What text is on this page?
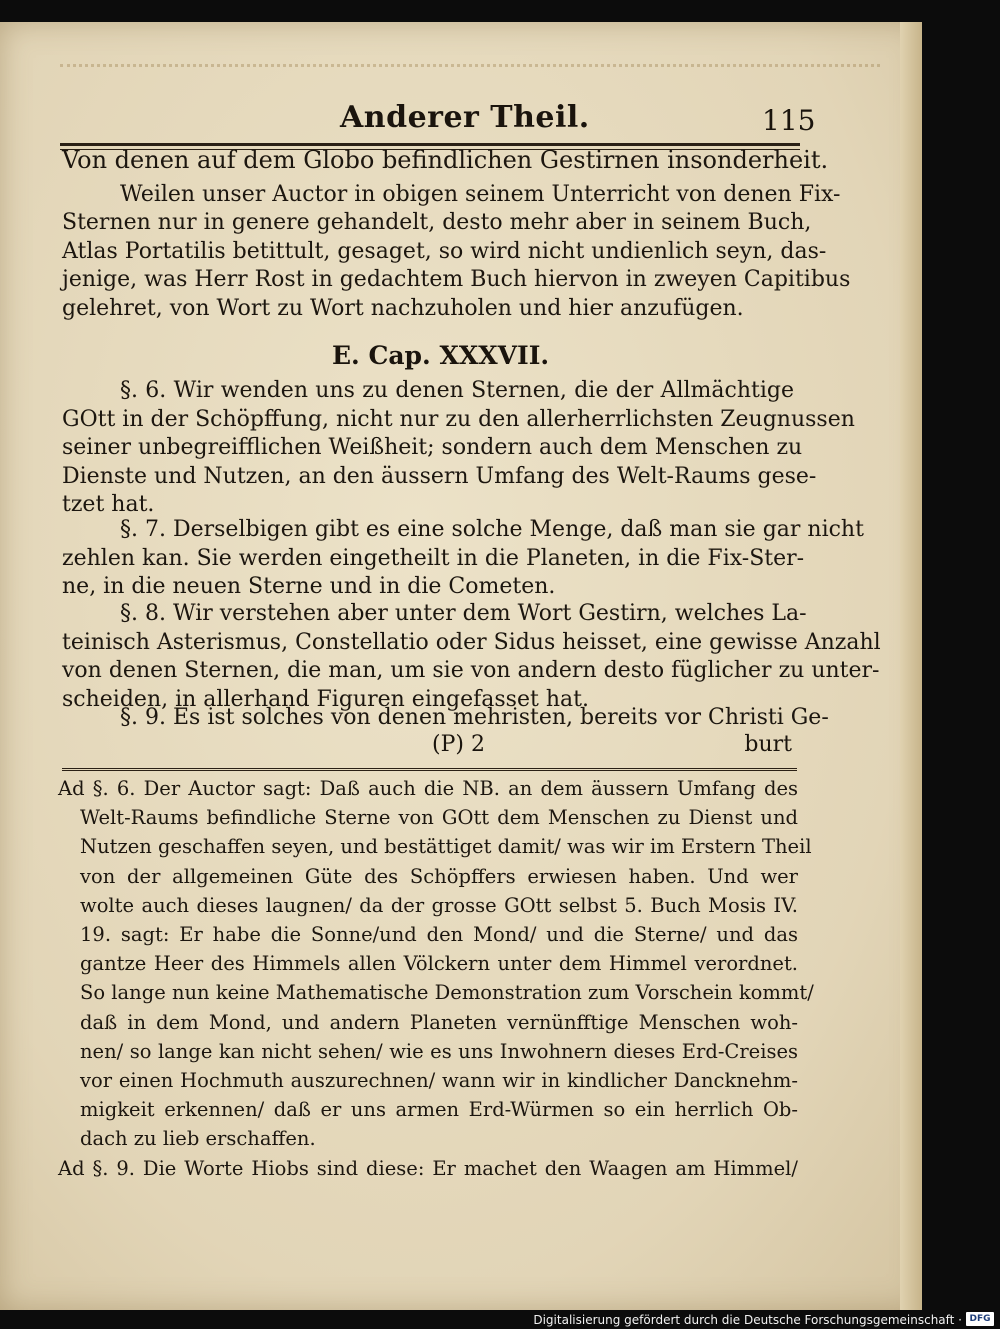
Anderer Theil.	115
Von denen auf dem Globo befindlichen Gestirnen insonderheit.
Weilen unser Auctor in obigen seinem Unterricht von denen Fix-
Sternen nur in genere gehandelt, desto mehr aber in seinem Buch,
Atlas Portatilis betittult, gesaget, so wird nicht undienlich seyn, das-
jenige, was Herr Rost in gedachtem Buch hiervon in zweyen Capitibus
gelehret, von Wort zu Wort nachzuholen und hier anzufügen.
E. Cap. XXXVII.
§. 6. Wir wenden uns zu denen Sternen, die der Allmächtige
GOtt in der Schöpffung, nicht nur zu den allerherrlichsten Zeugnussen
seiner unbegreifflichen Weißheit; sondern auch dem Menschen zu
Dienste und Nutzen, an den äussern Umfang des Welt-Raums gese-
tzet hat.
§. 7. Derselbigen gibt es eine solche Menge, daß man sie gar nicht
zehlen kan. Sie werden eingetheilt in die Planeten, in die Fix-Ster-
ne, in die neuen Sterne und in die Cometen.
§. 8. Wir verstehen aber unter dem Wort Gestirn, welches La-
teinisch Asterismus, Constellatio oder Sidus heisset, eine gewisse Anzahl
von denen Sternen, die man, um sie von andern desto füglicher zu unter-
scheiden, in allerhand Figuren eingefasset hat.
§. 9. Es ist solches von denen mehristen, bereits vor Christi Ge-
(P) 2	burt
Ad §. 6. Der Auctor sagt: Daß auch die NB. an dem äussern Umfang des
Welt-Raums befindliche Sterne von GOtt dem Menschen zu Dienst und
Nutzen geschaffen seyen, und bestättiget damit/ was wir im Erstern Theil
von der allgemeinen Güte des Schöpffers erwiesen haben. Und wer
wolte auch dieses laugnen/ da der grosse GOtt selbst 5. Buch Mosis IV.
19. sagt: Er habe die Sonne/und den Mond/ und die Sterne/ und das
gantze Heer des Himmels allen Völckern unter dem Himmel verordnet.
So lange nun keine Mathematische Demonstration zum Vorschein kommt/
daß in dem Mond, und andern Planeten vernünfftige Menschen woh-
nen/ so lange kan nicht sehen/ wie es uns Inwohnern dieses Erd-Creises
vor einen Hochmuth auszurechnen/ wann wir in kindlicher Dancknehm-
migkeit erkennen/ daß er uns armen Erd-Würmen so ein herrlich Ob-
dach zu lieb erschaffen.
Ad §. 9. Die Worte Hiobs sind diese: Er machet den Waagen am Himmel/
Digitalisierung gefördert durch die Deutsche Forschungsgemeinschaft · DFG
